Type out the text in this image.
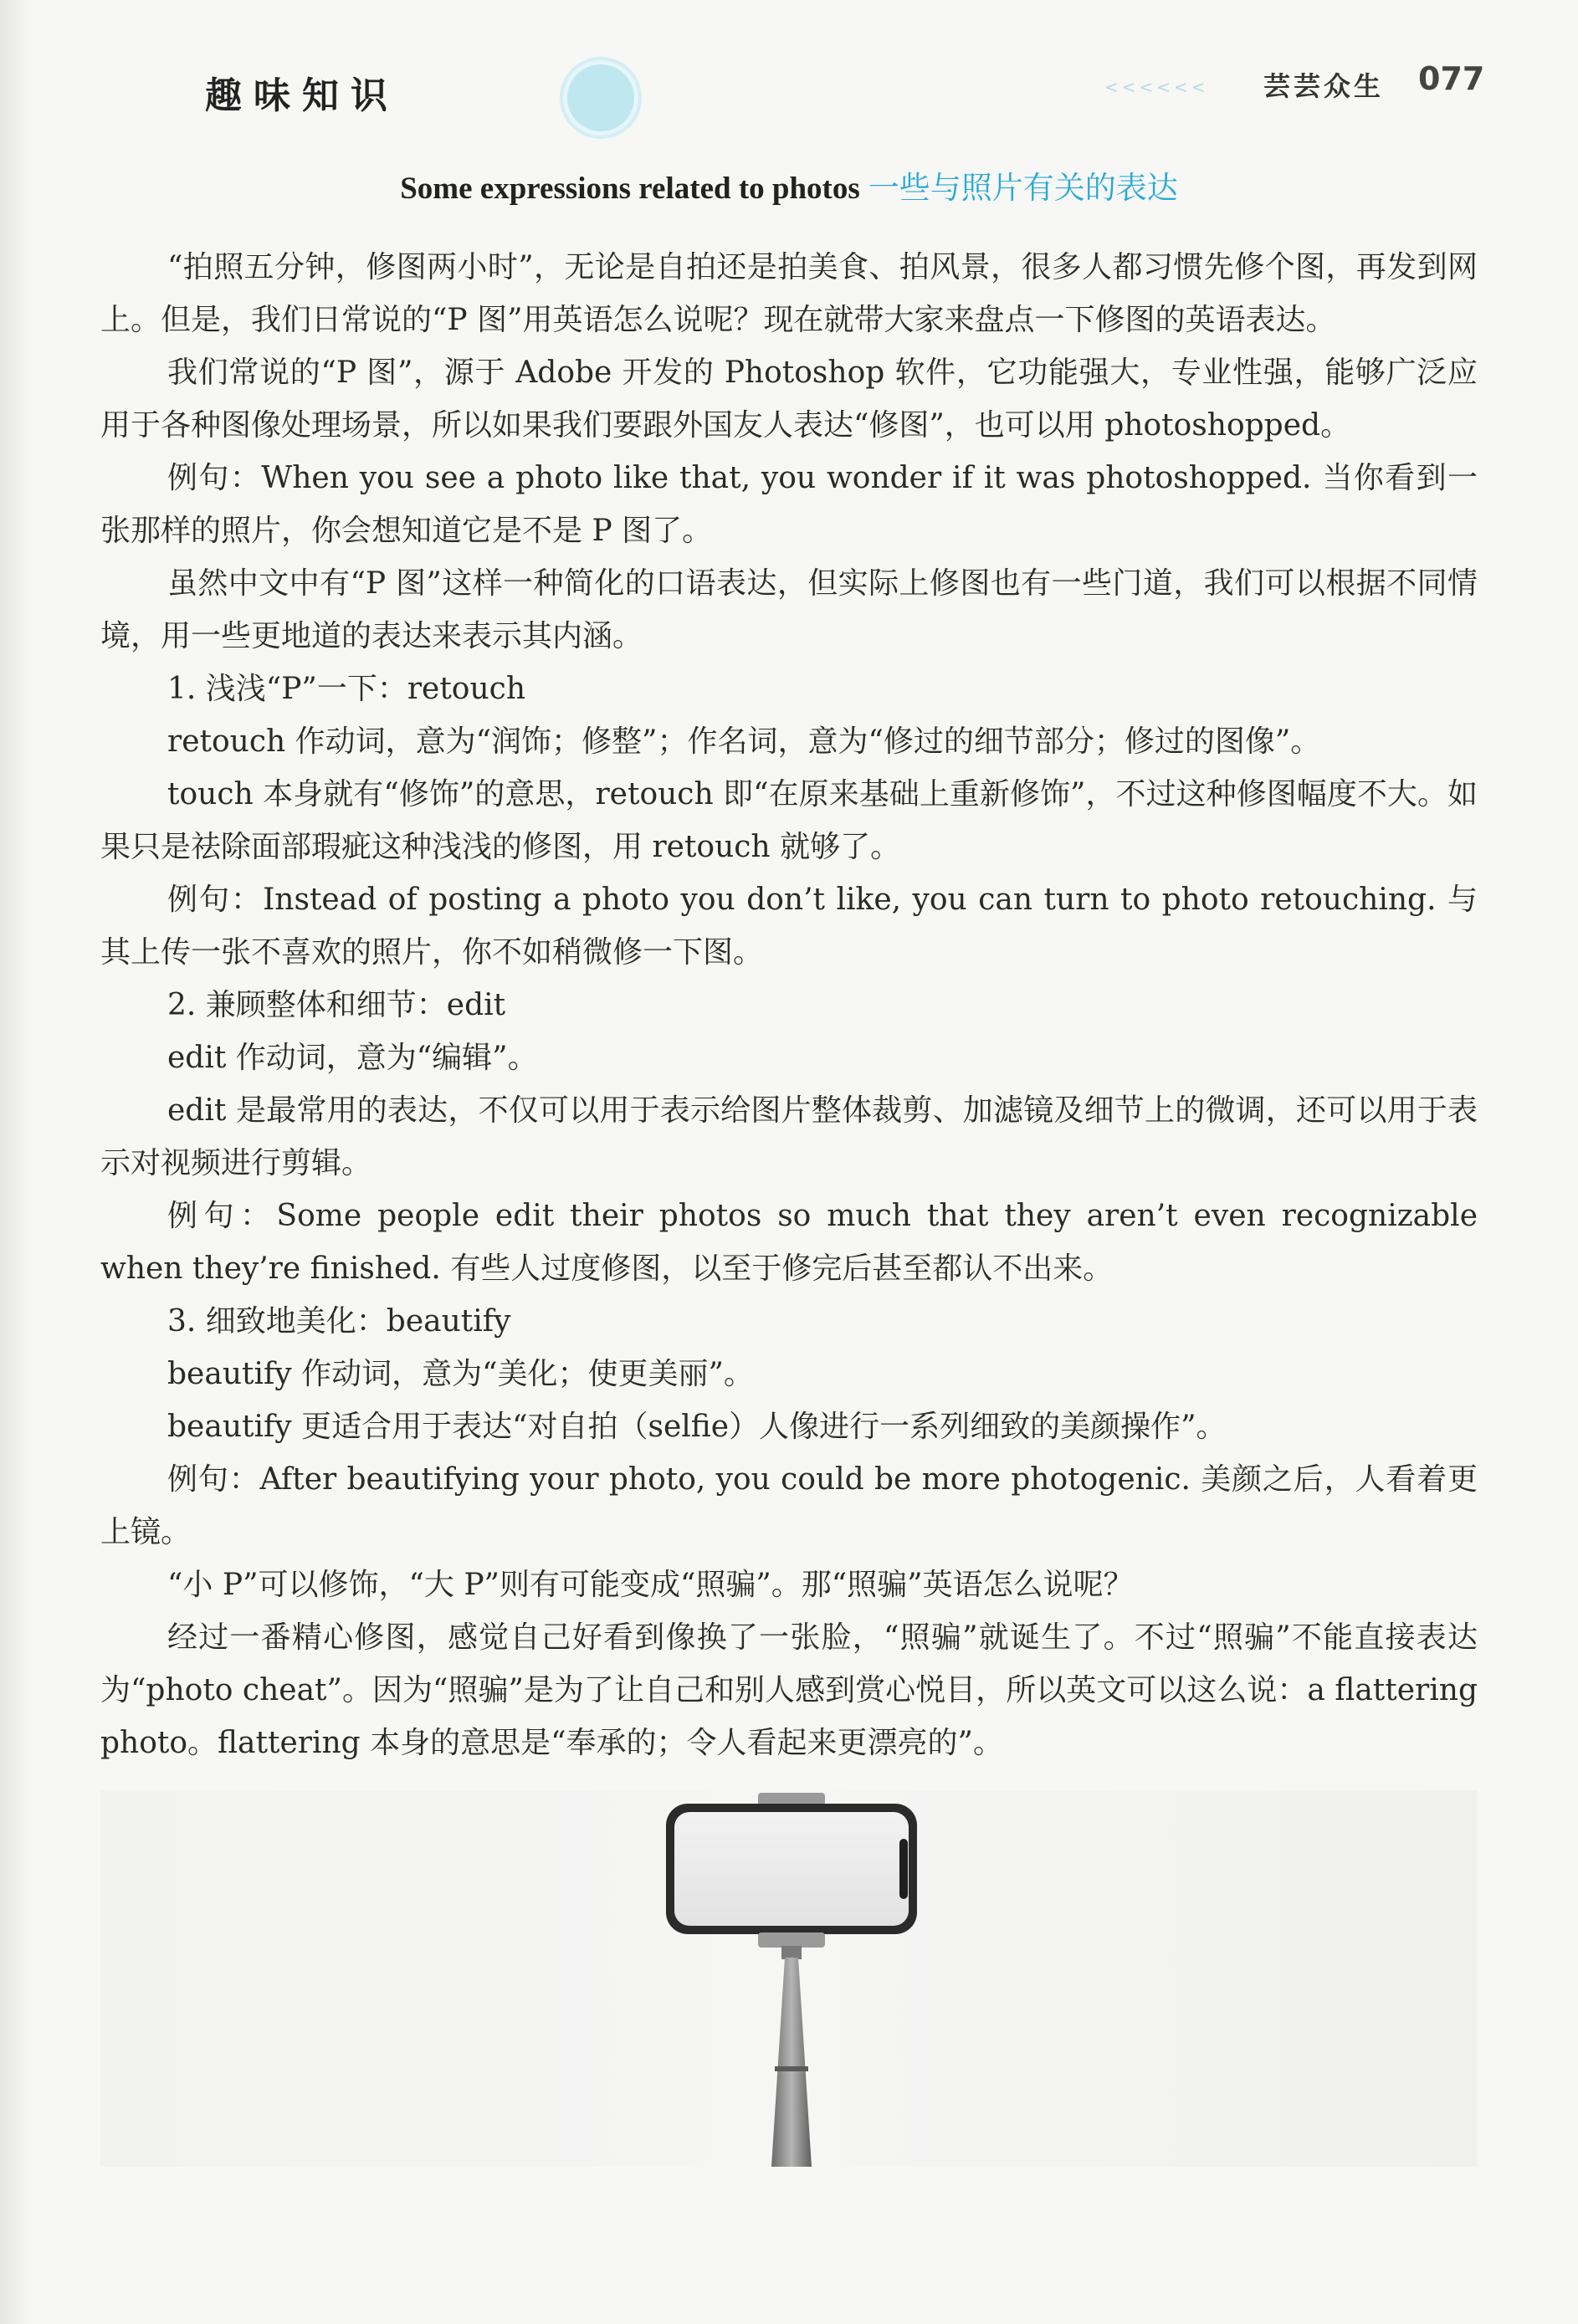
趣味知识	<<<<<< 芸芸众生 077
Some expressions related to photos 一些与照片有关的表达

“拍照五分钟，修图两小时”，无论是自拍还是拍美食、拍风景，很多人都习惯先修个图，再发到网上。但是，我们日常说的“P 图”用英语怎么说呢？现在就带大家来盘点一下修图的英语表达。

我们常说的“P 图”，源于 Adobe 开发的 Photoshop 软件，它功能强大，专业性强，能够广泛应用于各种图像处理场景，所以如果我们要跟外国友人表达“修图”，也可以用 photoshopped。

例句：When you see a photo like that, you wonder if it was photoshopped. 当你看到一张那样的照片，你会想知道它是不是 P 图了。

虽然中文中有“P 图”这样一种简化的口语表达，但实际上修图也有一些门道，我们可以根据不同情境，用一些更地道的表达来表示其内涵。

1. 浅浅“P”一下：retouch

retouch 作动词，意为“润饰；修整”；作名词，意为“修过的细节部分；修过的图像”。

touch 本身就有“修饰”的意思，retouch 即“在原来基础上重新修饰”，不过这种修图幅度不大。如果只是祛除面部瑕疵这种浅浅的修图，用 retouch 就够了。

例句：Instead of posting a photo you don’t like, you can turn to photo retouching. 与其上传一张不喜欢的照片，你不如稍微修一下图。

2. 兼顾整体和细节：edit

edit 作动词，意为“编辑”。

edit 是最常用的表达，不仅可以用于表示给图片整体裁剪、加滤镜及细节上的微调，还可以用于表示对视频进行剪辑。

例句：Some people edit their photos so much that they aren’t even recognizable when they’re finished. 有些人过度修图，以至于修完后甚至都认不出来。

3. 细致地美化：beautify

beautify 作动词，意为“美化；使更美丽”。

beautify 更适合用于表达“对自拍（selfie）人像进行一系列细致的美颜操作”。

例句：After beautifying your photo, you could be more photogenic. 美颜之后，人看着更上镜。

“小 P”可以修饰，“大 P”则有可能变成“照骗”。那“照骗”英语怎么说呢？

经过一番精心修图，感觉自己好看到像换了一张脸，“照骗”就诞生了。不过“照骗”不能直接表达为“photo cheat”。因为“照骗”是为了让自己和别人感到赏心悦目，所以英文可以这么说：a flattering photo。flattering 本身的意思是“奉承的；令人看起来更漂亮的”。
